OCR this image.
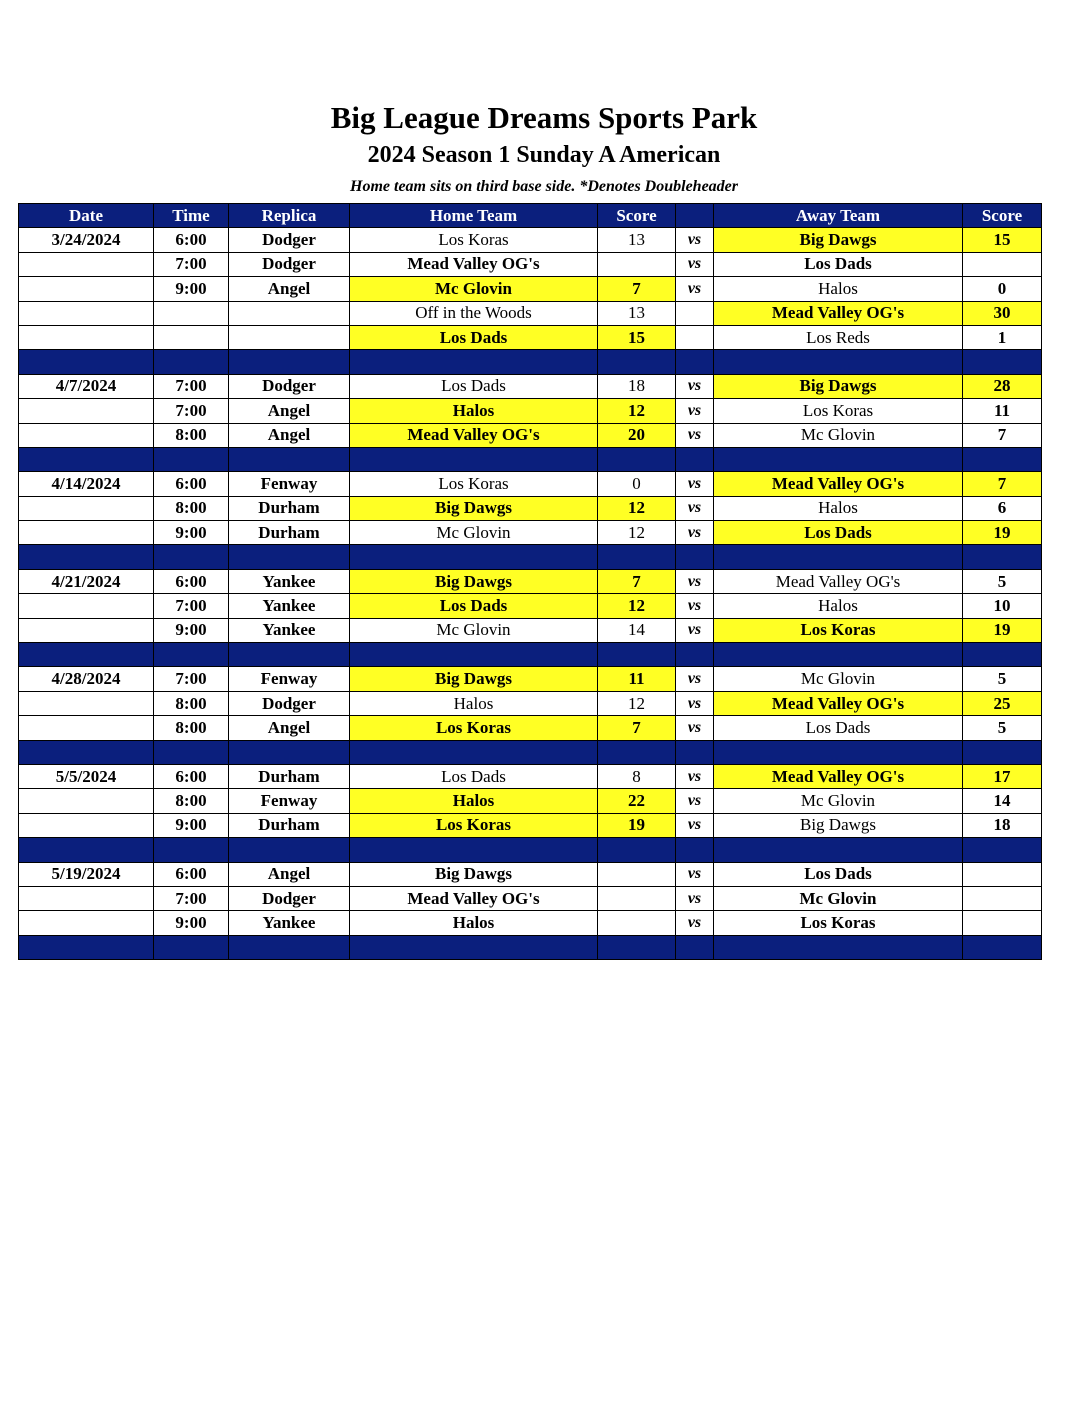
Big League Dreams Sports Park
2024 Season 1 Sunday A American
Home team sits on third base side. *Denotes Doubleheader
Date	Time	Replica	Home Team	Score		Away Team	Score
3/24/2024	6:00	Dodger	Los Koras	13	vs	Big Dawgs	15
	7:00	Dodger	Mead Valley OG's		vs	Los Dads	
	9:00	Angel	Mc Glovin	7	vs	Halos	0
			Off in the Woods	13		Mead Valley OG's	30
			Los Dads	15		Los Reds	1

4/7/2024	7:00	Dodger	Los Dads	18	vs	Big Dawgs	28
	7:00	Angel	Halos	12	vs	Los Koras	11
	8:00	Angel	Mead Valley OG's	20	vs	Mc Glovin	7

4/14/2024	6:00	Fenway	Los Koras	0	vs	Mead Valley OG's	7
	8:00	Durham	Big Dawgs	12	vs	Halos	6
	9:00	Durham	Mc Glovin	12	vs	Los Dads	19

4/21/2024	6:00	Yankee	Big Dawgs	7	vs	Mead Valley OG's	5
	7:00	Yankee	Los Dads	12	vs	Halos	10
	9:00	Yankee	Mc Glovin	14	vs	Los Koras	19

4/28/2024	7:00	Fenway	Big Dawgs	11	vs	Mc Glovin	5
	8:00	Dodger	Halos	12	vs	Mead Valley OG's	25
	8:00	Angel	Los Koras	7	vs	Los Dads	5

5/5/2024	6:00	Durham	Los Dads	8	vs	Mead Valley OG's	17
	8:00	Fenway	Halos	22	vs	Mc Glovin	14
	9:00	Durham	Los Koras	19	vs	Big Dawgs	18

5/19/2024	6:00	Angel	Big Dawgs		vs	Los Dads	
	7:00	Dodger	Mead Valley OG's		vs	Mc Glovin	
	9:00	Yankee	Halos		vs	Los Koras	
